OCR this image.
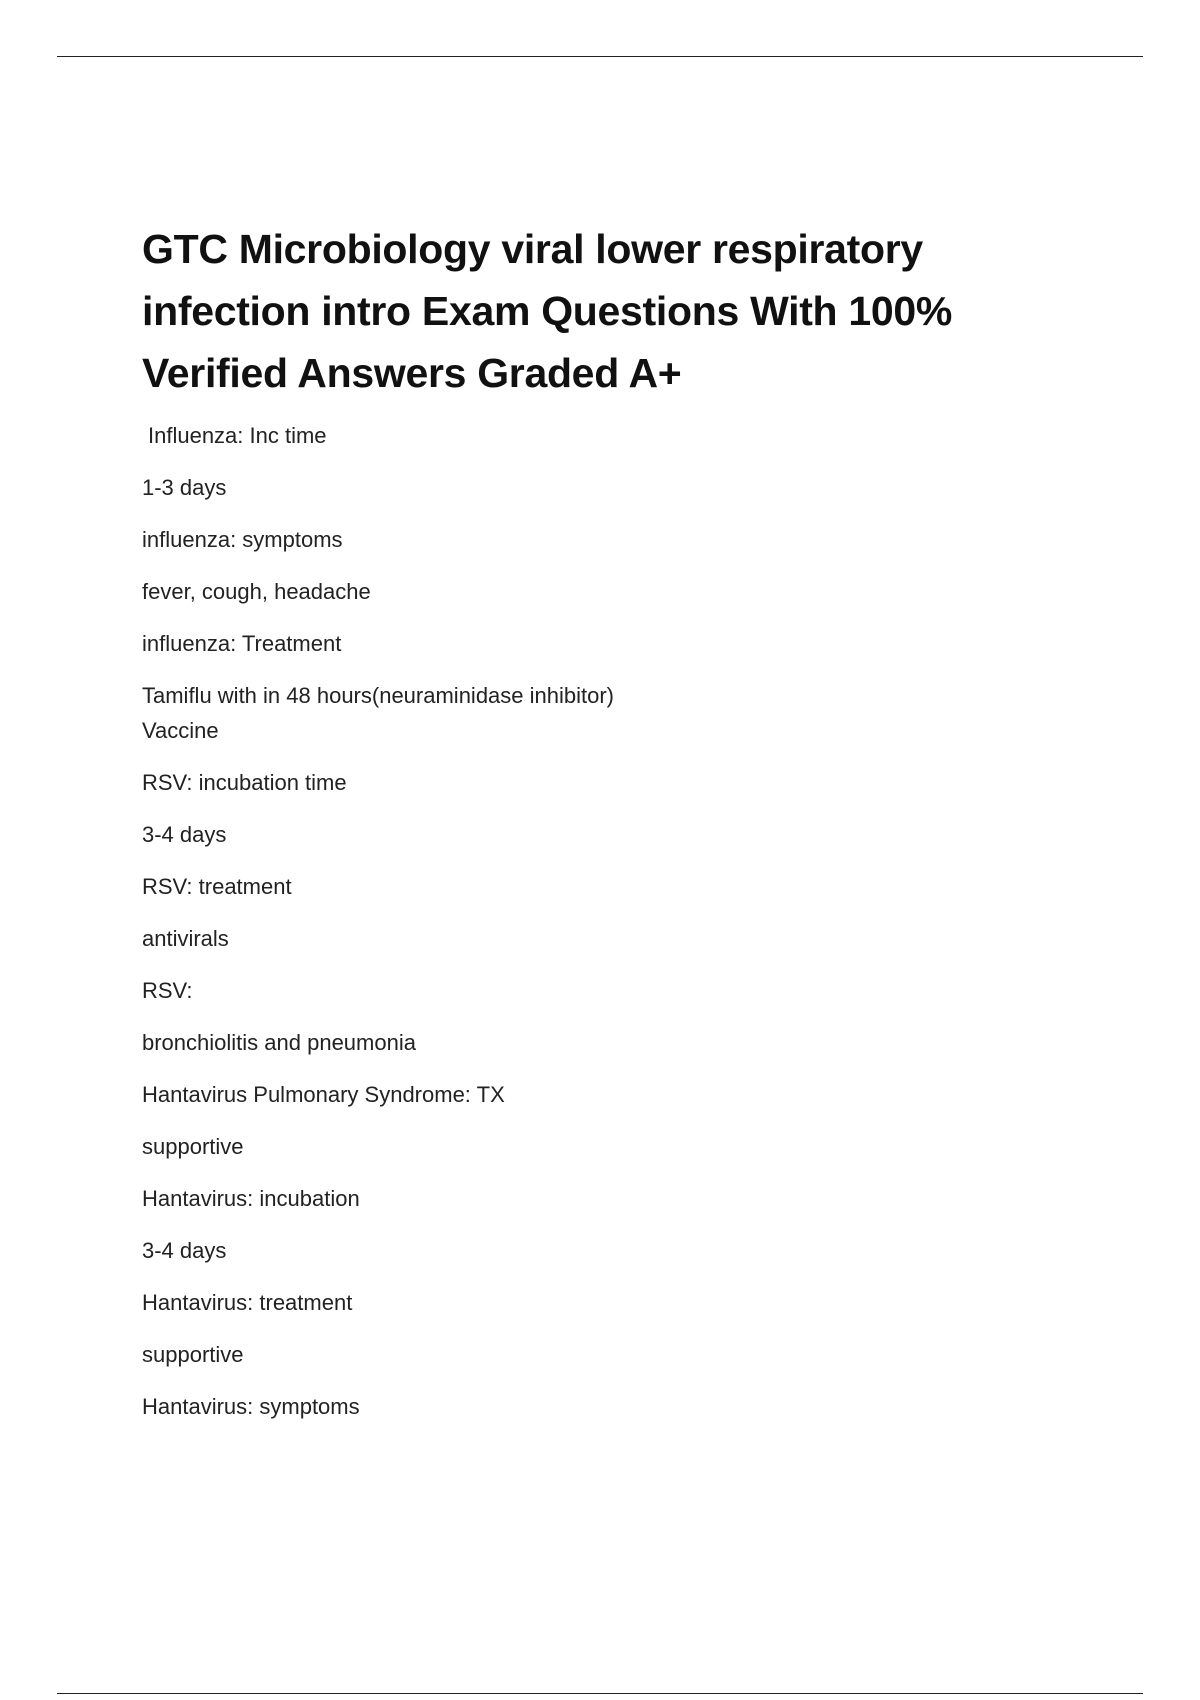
GTC Microbiology viral lower respiratory infection intro Exam Questions With 100% Verified Answers Graded A+

Influenza: Inc time

1-3 days

influenza: symptoms

fever, cough, headache

influenza: Treatment

Tamiflu with in 48 hours(neuraminidase inhibitor)
Vaccine

RSV: incubation time

3-4 days

RSV: treatment

antivirals

RSV:

bronchiolitis and pneumonia

Hantavirus Pulmonary Syndrome: TX

supportive

Hantavirus: incubation

3-4 days

Hantavirus: treatment

supportive

Hantavirus: symptoms
